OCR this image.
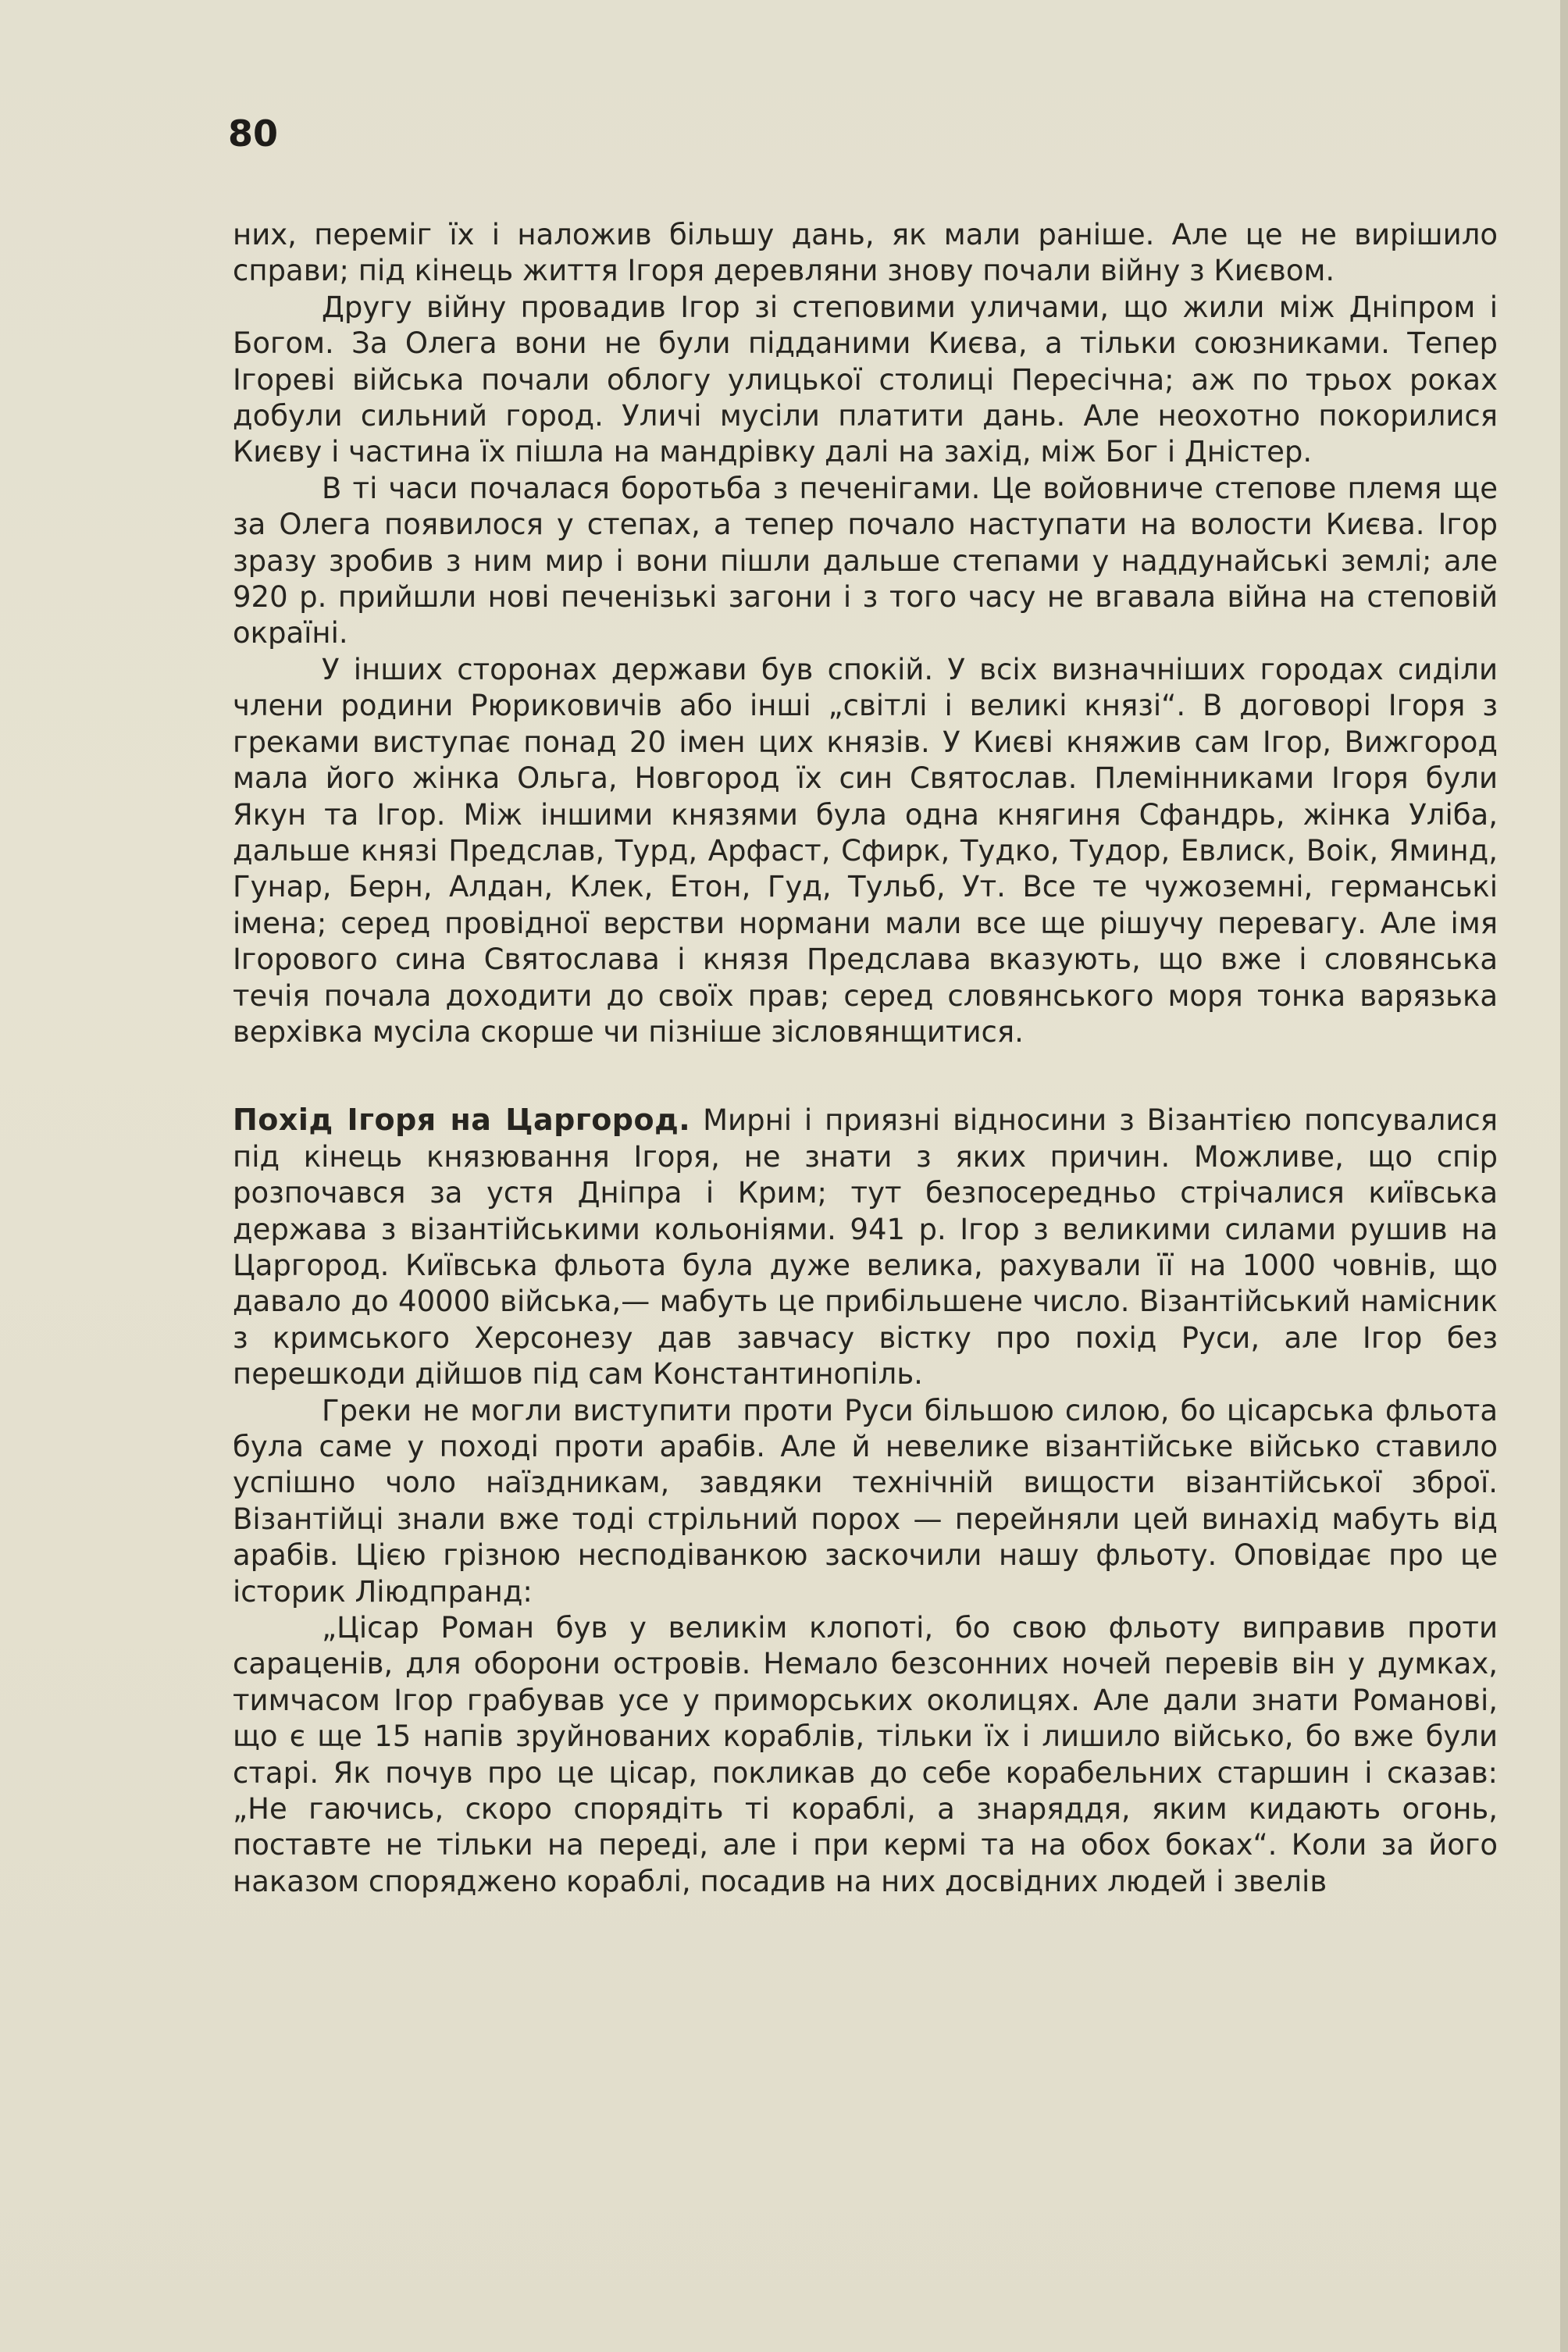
80

них, переміг їх і наложив більшу дань, як мали раніше. Але це не вирішило справи; під кінець життя Ігоря деревляни знову почали війну з Києвом.

Другу війну провадив Ігор зі степовими уличами, що жили між Дніпром і Богом. За Олега вони не були підданими Києва, а тільки союзниками. Тепер Ігореві війська почали облогу улицької столиці Пересічна; аж по трьох роках добули сильний город. Уличі мусіли платити дань. Але неохотно покорилися Києву і частина їх пішла на мандрівку далі на захід, між Бог і Дністер.

В ті часи почалася боротьба з печенігами. Це войовниче степове племя ще за Олега появилося у степах, а тепер почало наступати на волости Києва. Ігор зразу зробив з ним мир і вони пішли дальше степами у наддунайські землі; але 920 р. прийшли нові печенізькі загони і з того часу не вгавала війна на степовій окраїні.

У інших сторонах держави був спокій. У всіх визначніших городах сиділи члени родини Рюриковичів або інші „світлі і великі князі“. В договорі Ігоря з греками виступає понад 20 імен цих князів. У Києві княжив сам Ігор, Вижгород мала його жінка Ольга, Новгород їх син Святослав. Племінниками Ігоря були Якун та Ігор. Між іншими князями була одна княгиня Сфандрь, жінка Уліба, дальше князі Предслав, Турд, Арфаст, Сфирк, Тудко, Тудор, Евлиск, Воік, Яминд, Гунар, Берн, Алдан, Клек, Етон, Гуд, Тульб, Ут. Все те чужоземні, германські імена; серед провідної верстви нормани мали все ще рішучу перевагу. Але імя Ігорового сина Святослава і князя Предслава вказують, що вже і словянська течія почала доходити до своїх прав; серед словянського моря тонка варязька верхівка мусіла скорше чи пізніше зісловянщитися.

Похід Ігоря на Царгород. Мирні і приязні відносини з Візантією попсувалися під кінець князювання Ігоря, не знати з яких причин. Можливе, що спір розпочався за устя Дніпра і Крим; тут безпосередньо стрічалися київська держава з візантійськими кольоніями. 941 р. Ігор з великими силами рушив на Царгород. Київська фльота була дуже велика, рахували її на 1000 човнів, що давало до 40000 війська,— мабуть це прибільшене число. Візантійський намісник з кримського Херсонезу дав завчасу вістку про похід Руси, але Ігор без перешкоди дійшов під сам Константинопіль.

Греки не могли виступити проти Руси більшою силою, бо цісарська фльота була саме у поході проти арабів. Але й невелике візантійське військо ставило успішно чоло наїздникам, завдяки технічній вищости візантійської зброї. Візантійці знали вже тоді стрільний порох — перейняли цей винахід мабуть від арабів. Цією грізною несподіванкою заскочили нашу фльоту. Оповідає про це історик Ліюдпранд:

„Цісар Роман був у великім клопоті, бо свою фльоту виправив проти сараценів, для оборони островів. Немало безсонних ночей перевів він у думках, тимчасом Ігор грабував усе у приморських околицях. Але дали знати Романові, що є ще 15 напів зруйнованих кораблів, тільки їх і лишило військо, бо вже були старі. Як почув про це цісар, покликав до себе корабельних старшин і сказав: „Не гаючись, скоро спорядіть ті кораблі, а знаряддя, яким кидають огонь, поставте не тільки на переді, але і при кермі та на обох боках“. Коли за його наказом споряджено кораблі, посадив на них досвідних людей і звелів
